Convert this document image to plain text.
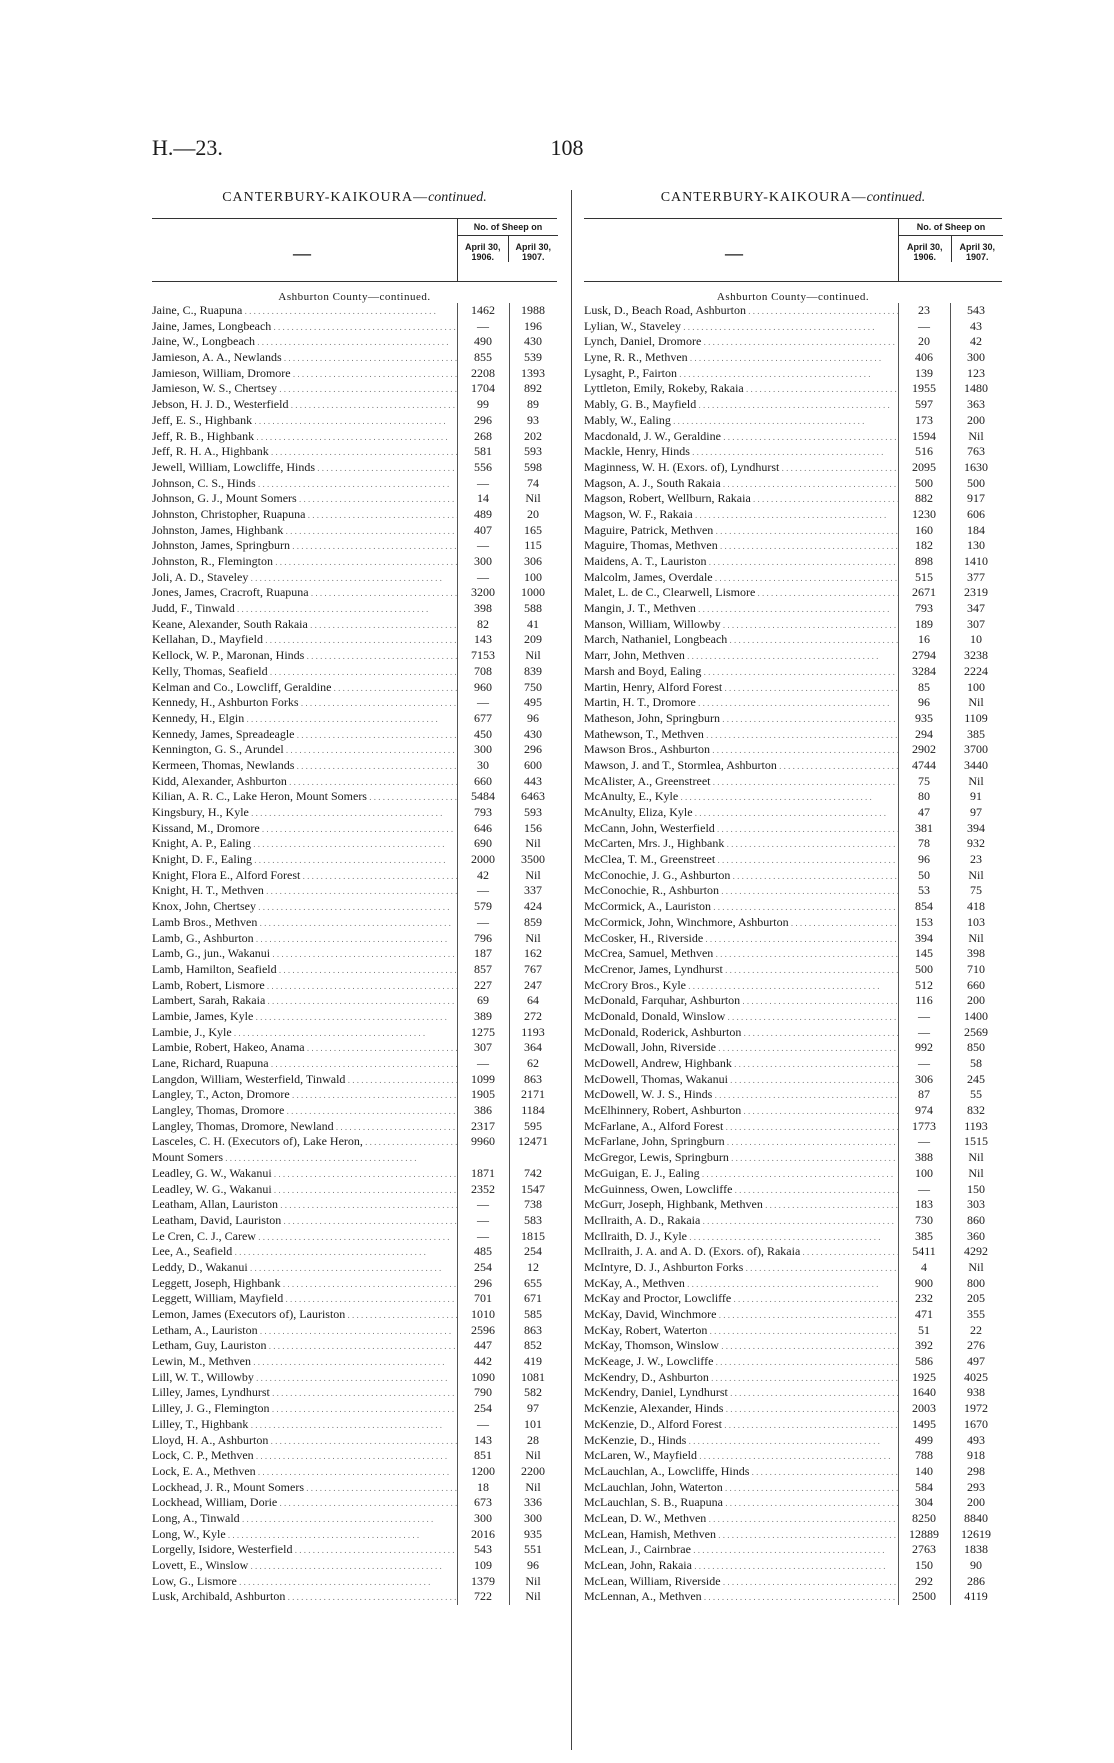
H.—23.	108
CANTERBURY-KAIKOURA—continued.
—
No. of Sheep on
April 30, 1906.
April 30, 1907.
Ashburton County—continued.
Jaine, C., Ruapuna . . .	1462	1988
Jaine, James, Longbeach . . .	—	196
Jaine, W., Longbeach . . .	490	430
Jamieson, A. A., Newlands . . .	855	539
Jamieson, William, Dromore . . .	2208	1393
Jamieson, W. S., Chertsey . . .	1704	892
Jebson, H. J. D., Westerfield . . .	99	89
Jeff, E. S., Highbank . . .	296	93
Jeff, R. B., Highbank . . .	268	202
Jeff, R. H. A., Highbank . . .	581	593
Jewell, William, Lowcliffe, Hinds . . .	556	598
Johnson, C. S., Hinds . . .	—	74
Johnson, G. J., Mount Somers . . .	14	Nil
Johnston, Christopher, Ruapuna . . .	489	20
Johnston, James, Highbank . . .	407	165
Johnston, James, Springburn . . .	—	115
Johnston, R., Flemington . . .	300	306
Joli, A. D., Staveley . . .	—	100
Jones, James, Cracroft, Ruapuna . . .	3200	1000
Judd, F., Tinwald . . .	398	588
Keane, Alexander, South Rakaia . . .	82	41
Kellahan, D., Mayfield . . .	143	209
Kellock, W. P., Maronan, Hinds . . .	7153	Nil
Kelly, Thomas, Seafield . . .	708	839
Kelman and Co., Lowcliff, Geraldine . . .	960	750
Kennedy, H., Ashburton Forks . . .	—	495
Kennedy, H., Elgin . . .	677	96
Kennedy, James, Spreadeagle . . .	450	430
Kennington, G. S., Arundel . . .	300	296
Kermeen, Thomas, Newlands . . .	30	600
Kidd, Alexander, Ashburton . . .	660	443
Kilian, A. R. C., Lake Heron, Mount Somers . . .	5484	6463
Kingsbury, H., Kyle . . .	793	593
Kissand, M., Dromore . . .	646	156
Knight, A. P., Ealing . . .	690	Nil
Knight, D. F., Ealing . . .	2000	3500
Knight, Flora E., Alford Forest . . .	42	Nil
Knight, H. T., Methven . . .	—	337
Knox, John, Chertsey . . .	579	424
Lamb Bros., Methven . . .	—	859
Lamb, G., Ashburton . . .	796	Nil
Lamb, G., jun., Wakanui . . .	187	162
Lamb, Hamilton, Seafield . . .	857	767
Lamb, Robert, Lismore . . .	227	247
Lambert, Sarah, Rakaia . . .	69	64
Lambie, James, Kyle . . .	389	272
Lambie, J., Kyle . . .	1275	1193
Lambie, Robert, Hakeo, Anama . . .	307	364
Lane, Richard, Ruapuna . . .	—	62
Langdon, William, Westerfield, Tinwald . . .	1099	863
Langley, T., Acton, Dromore . . .	1905	2171
Langley, Thomas, Dromore . . .	386	1184
Langley, Thomas, Dromore, Newland . . .	2317	595
Lasceles, C. H. (Executors of), Lake Heron, . . .	9960	12471
Mount Somers . . .
Leadley, G. W., Wakanui . . .	1871	742
Leadley, W. G., Wakanui . . .	2352	1547
Leatham, Allan, Lauriston . . .	—	738
Leatham, David, Lauriston . . .	—	583
Le Cren, C. J., Carew . . .	—	1815
Lee, A., Seafield . . .	485	254
Leddy, D., Wakanui . . .	254	12
Leggett, Joseph, Highbank . . .	296	655
Leggett, William, Mayfield . . .	701	671
Lemon, James (Executors of), Lauriston . . .	1010	585
Letham, A., Lauriston . . .	2596	863
Letham, Guy, Lauriston . . .	447	852
Lewin, M., Methven . . .	442	419
Lill, W. T., Willowby . . .	1090	1081
Lilley, James, Lyndhurst . . .	790	582
Lilley, J. G., Flemington . . .	254	97
Lilley, T., Highbank . . .	—	101
Lloyd, H. A., Ashburton . . .	143	28
Lock, C. P., Methven . . .	851	Nil
Lock, E. A., Methven . . .	1200	2200
Lockhead, J. R., Mount Somers . . .	18	Nil
Lockhead, William, Dorie . . .	673	336
Long, A., Tinwald . . .	300	300
Long, W., Kyle . . .	2016	935
Lorgelly, Isidore, Westerfield . . .	543	551
Lovett, E., Winslow . . .	109	96
Low, G., Lismore . . .	1379	Nil
Lusk, Archibald, Ashburton . . .	722	Nil
CANTERBURY-KAIKOURA—continued.
—
No. of Sheep on
April 30, 1906.
April 30, 1907.
Ashburton County—continued.
Lusk, D., Beach Road, Ashburton . . .	23	543
Lylian, W., Staveley . . .	—	43
Lynch, Daniel, Dromore . . .	20	42
Lyne, R. R., Methven . . .	406	300
Lysaght, P., Fairton . . .	139	123
Lyttleton, Emily, Rokeby, Rakaia . . .	1955	1480
Mably, G. B., Mayfield . . .	597	363
Mably, W., Ealing . . .	173	200
Macdonald, J. W., Geraldine . . .	1594	Nil
Mackle, Henry, Hinds . . .	516	763
Maginness, W. H. (Exors. of), Lyndhurst . . .	2095	1630
Magson, A. J., South Rakaia . . .	500	500
Magson, Robert, Wellburn, Rakaia . . .	882	917
Magson, W. F., Rakaia . . .	1230	606
Maguire, Patrick, Methven . . .	160	184
Maguire, Thomas, Methven . . .	182	130
Maidens, A. T., Lauriston . . .	898	1410
Malcolm, James, Overdale . . .	515	377
Malet, L. de C., Clearwell, Lismore . . .	2671	2319
Mangin, J. T., Methven . . .	793	347
Manson, William, Willowby . . .	189	307
March, Nathaniel, Longbeach . . .	16	10
Marr, John, Methven . . .	2794	3238
Marsh and Boyd, Ealing . . .	3284	2224
Martin, Henry, Alford Forest . . .	85	100
Martin, H. T., Dromore . . .	96	Nil
Matheson, John, Springburn . . .	935	1109
Mathewson, T., Methven . . .	294	385
Mawson Bros., Ashburton . . .	2902	3700
Mawson, J. and T., Stormlea, Ashburton . . .	4744	3440
McAlister, A., Greenstreet . . .	75	Nil
McAnulty, E., Kyle . . .	80	91
McAnulty, Eliza, Kyle . . .	47	97
McCann, John, Westerfield . . .	381	394
McCarten, Mrs. J., Highbank . . .	78	932
McClea, T. M., Greenstreet . . .	96	23
McConochie, J. G., Ashburton . . .	50	Nil
McConochie, R., Ashburton . . .	53	75
McCormick, A., Lauriston . . .	854	418
McCormick, John, Winchmore, Ashburton . . .	153	103
McCosker, H., Riverside . . .	394	Nil
McCrea, Samuel, Methven . . .	145	398
McCrenor, James, Lyndhurst . . .	500	710
McCrory Bros., Kyle . . .	512	660
McDonald, Farquhar, Ashburton . . .	116	200
McDonald, Donald, Winslow . . .	—	1400
McDonald, Roderick, Ashburton . . .	—	2569
McDowall, John, Riverside . . .	992	850
McDowell, Andrew, Highbank . . .	—	58
McDowell, Thomas, Wakanui . . .	306	245
McDowell, W. J. S., Hinds . . .	87	55
McElhinnery, Robert, Ashburton . . .	974	832
McFarlane, A., Alford Forest . . .	1773	1193
McFarlane, John, Springburn . . .	—	1515
McGregor, Lewis, Springburn . . .	388	Nil
McGuigan, E. J., Ealing . . .	100	Nil
McGuinness, Owen, Lowcliffe . . .	—	150
McGurr, Joseph, Highbank, Methven . . .	183	303
McIlraith, A. D., Rakaia . . .	730	860
McIlraith, D. J., Kyle . . .	385	360
McIlraith, J. A. and A. D. (Exors. of), Rakaia . . .	5411	4292
McIntyre, D. J., Ashburton Forks . . .	4	Nil
McKay, A., Methven . . .	900	800
McKay and Proctor, Lowcliffe . . .	232	205
McKay, David, Winchmore . . .	471	355
McKay, Robert, Waterton . . .	51	22
McKay, Thomson, Winslow . . .	392	276
McKeage, J. W., Lowcliffe . . .	586	497
McKendry, D., Ashburton . . .	1925	4025
McKendry, Daniel, Lyndhurst . . .	1640	938
McKenzie, Alexander, Hinds . . .	2003	1972
McKenzie, D., Alford Forest . . .	1495	1670
McKenzie, D., Hinds . . .	499	493
McLaren, W., Mayfield . . .	788	918
McLauchlan, A., Lowcliffe, Hinds . . .	140	298
McLauchlan, John, Waterton . . .	584	293
McLauchlan, S. B., Ruapuna . . .	304	200
McLean, D. W., Methven . . .	8250	8840
McLean, Hamish, Methven . . .	12889	12619
McLean, J., Cairnbrae . . .	2763	1838
McLean, John, Rakaia . . .	150	90
McLean, William, Riverside . . .	292	286
McLennan, A., Methven . . .	2500	4119
